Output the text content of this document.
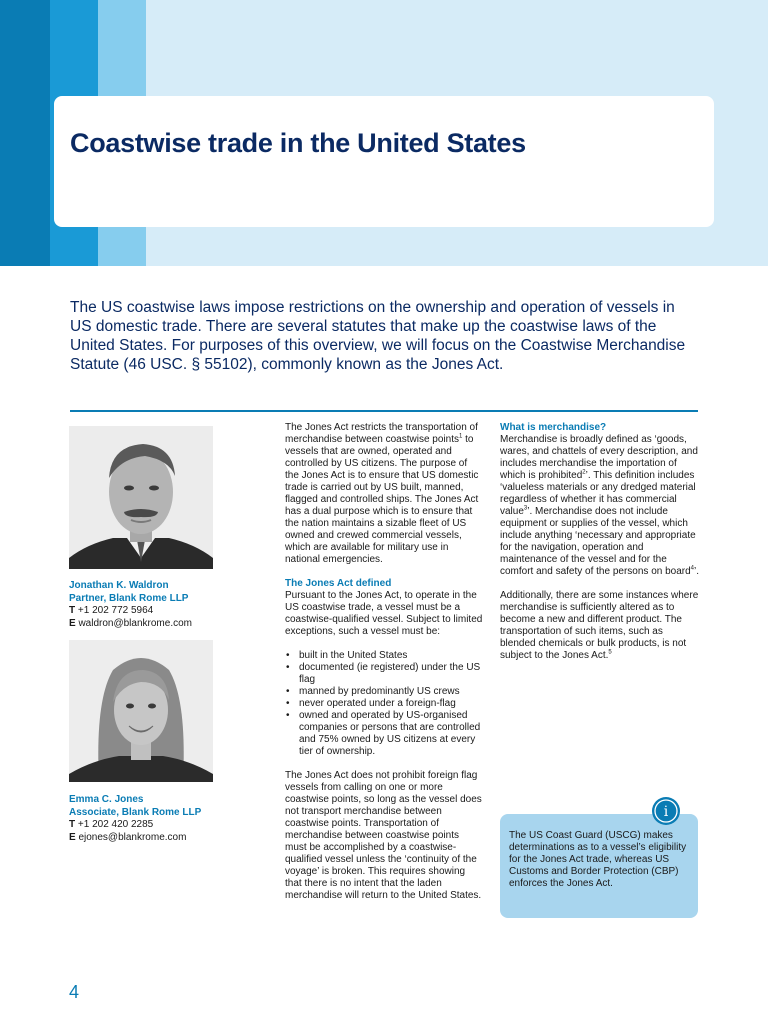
Coastwise trade in the United States

The US coastwise laws impose restrictions on the ownership and operation of vessels in US domestic trade. There are several statutes that make up the coastwise laws of the United States. For purposes of this overview, we will focus on the Coastwise Merchandise Statute (46 USC. § 55102), commonly known as the Jones Act.

Jonathan K. Waldron
Partner, Blank Rome LLP
T +1 202 772 5964
E waldron@blankrome.com
Emma C. Jones
Associate, Blank Rome LLP
T +1 202 420 2285
E ejones@blankrome.com

The Jones Act restricts the transportation of merchandise between coastwise points$^1$ to vessels that are owned, operated and controlled by US citizens. The purpose of the Jones Act is to ensure that US domestic trade is carried out by US built, manned, flagged and controlled ships. The Jones Act has a dual purpose which is to ensure that the nation maintains a sizable fleet of US owned and crewed commercial vessels, which are available for military use in national emergencies.

The Jones Act defined

Pursuant to the Jones Act, to operate in the US coastwise trade, a vessel must be a coastwise-qualified vessel. Subject to limited exceptions, such a vessel must be:

• built in the United States
• documented (ie registered) under the US flag
• manned by predominantly US crews
• never operated under a foreign-flag
• owned and operated by US-organised companies or persons that are controlled and 75% owned by US citizens at every tier of ownership.

The Jones Act does not prohibit foreign flag vessels from calling on one or more coastwise points, so long as the vessel does not transport merchandise between coastwise points. Transportation of merchandise between coastwise points must be accomplished by a coastwise-qualified vessel unless the ‘continuity of the voyage’ is broken. This requires showing that there is no intent that the laden merchandise will return to the United States.

What is merchandise?

Merchandise is broadly defined as ‘goods, wares, and chattels of every description, and includes merchandise the importation of which is prohibited$^2$’. This definition includes ‘valueless materials or any dredged material regardless of whether it has commercial value$^3$’. Merchandise does not include equipment or supplies of the vessel, which include anything ‘necessary and appropriate for the navigation, operation and maintenance of the vessel and for the comfort and safety of the persons on board$^4$’.

Additionally, there are some instances where merchandise is sufficiently altered as to become a new and different product. The transportation of such items, such as blended chemicals or bulk products, is not subject to the Jones Act.$^5$

i

The US Coast Guard (USCG) makes determinations as to a vessel’s eligibility for the Jones Act trade, whereas US Customs and Border Protection (CBP) enforces the Jones Act.

4
